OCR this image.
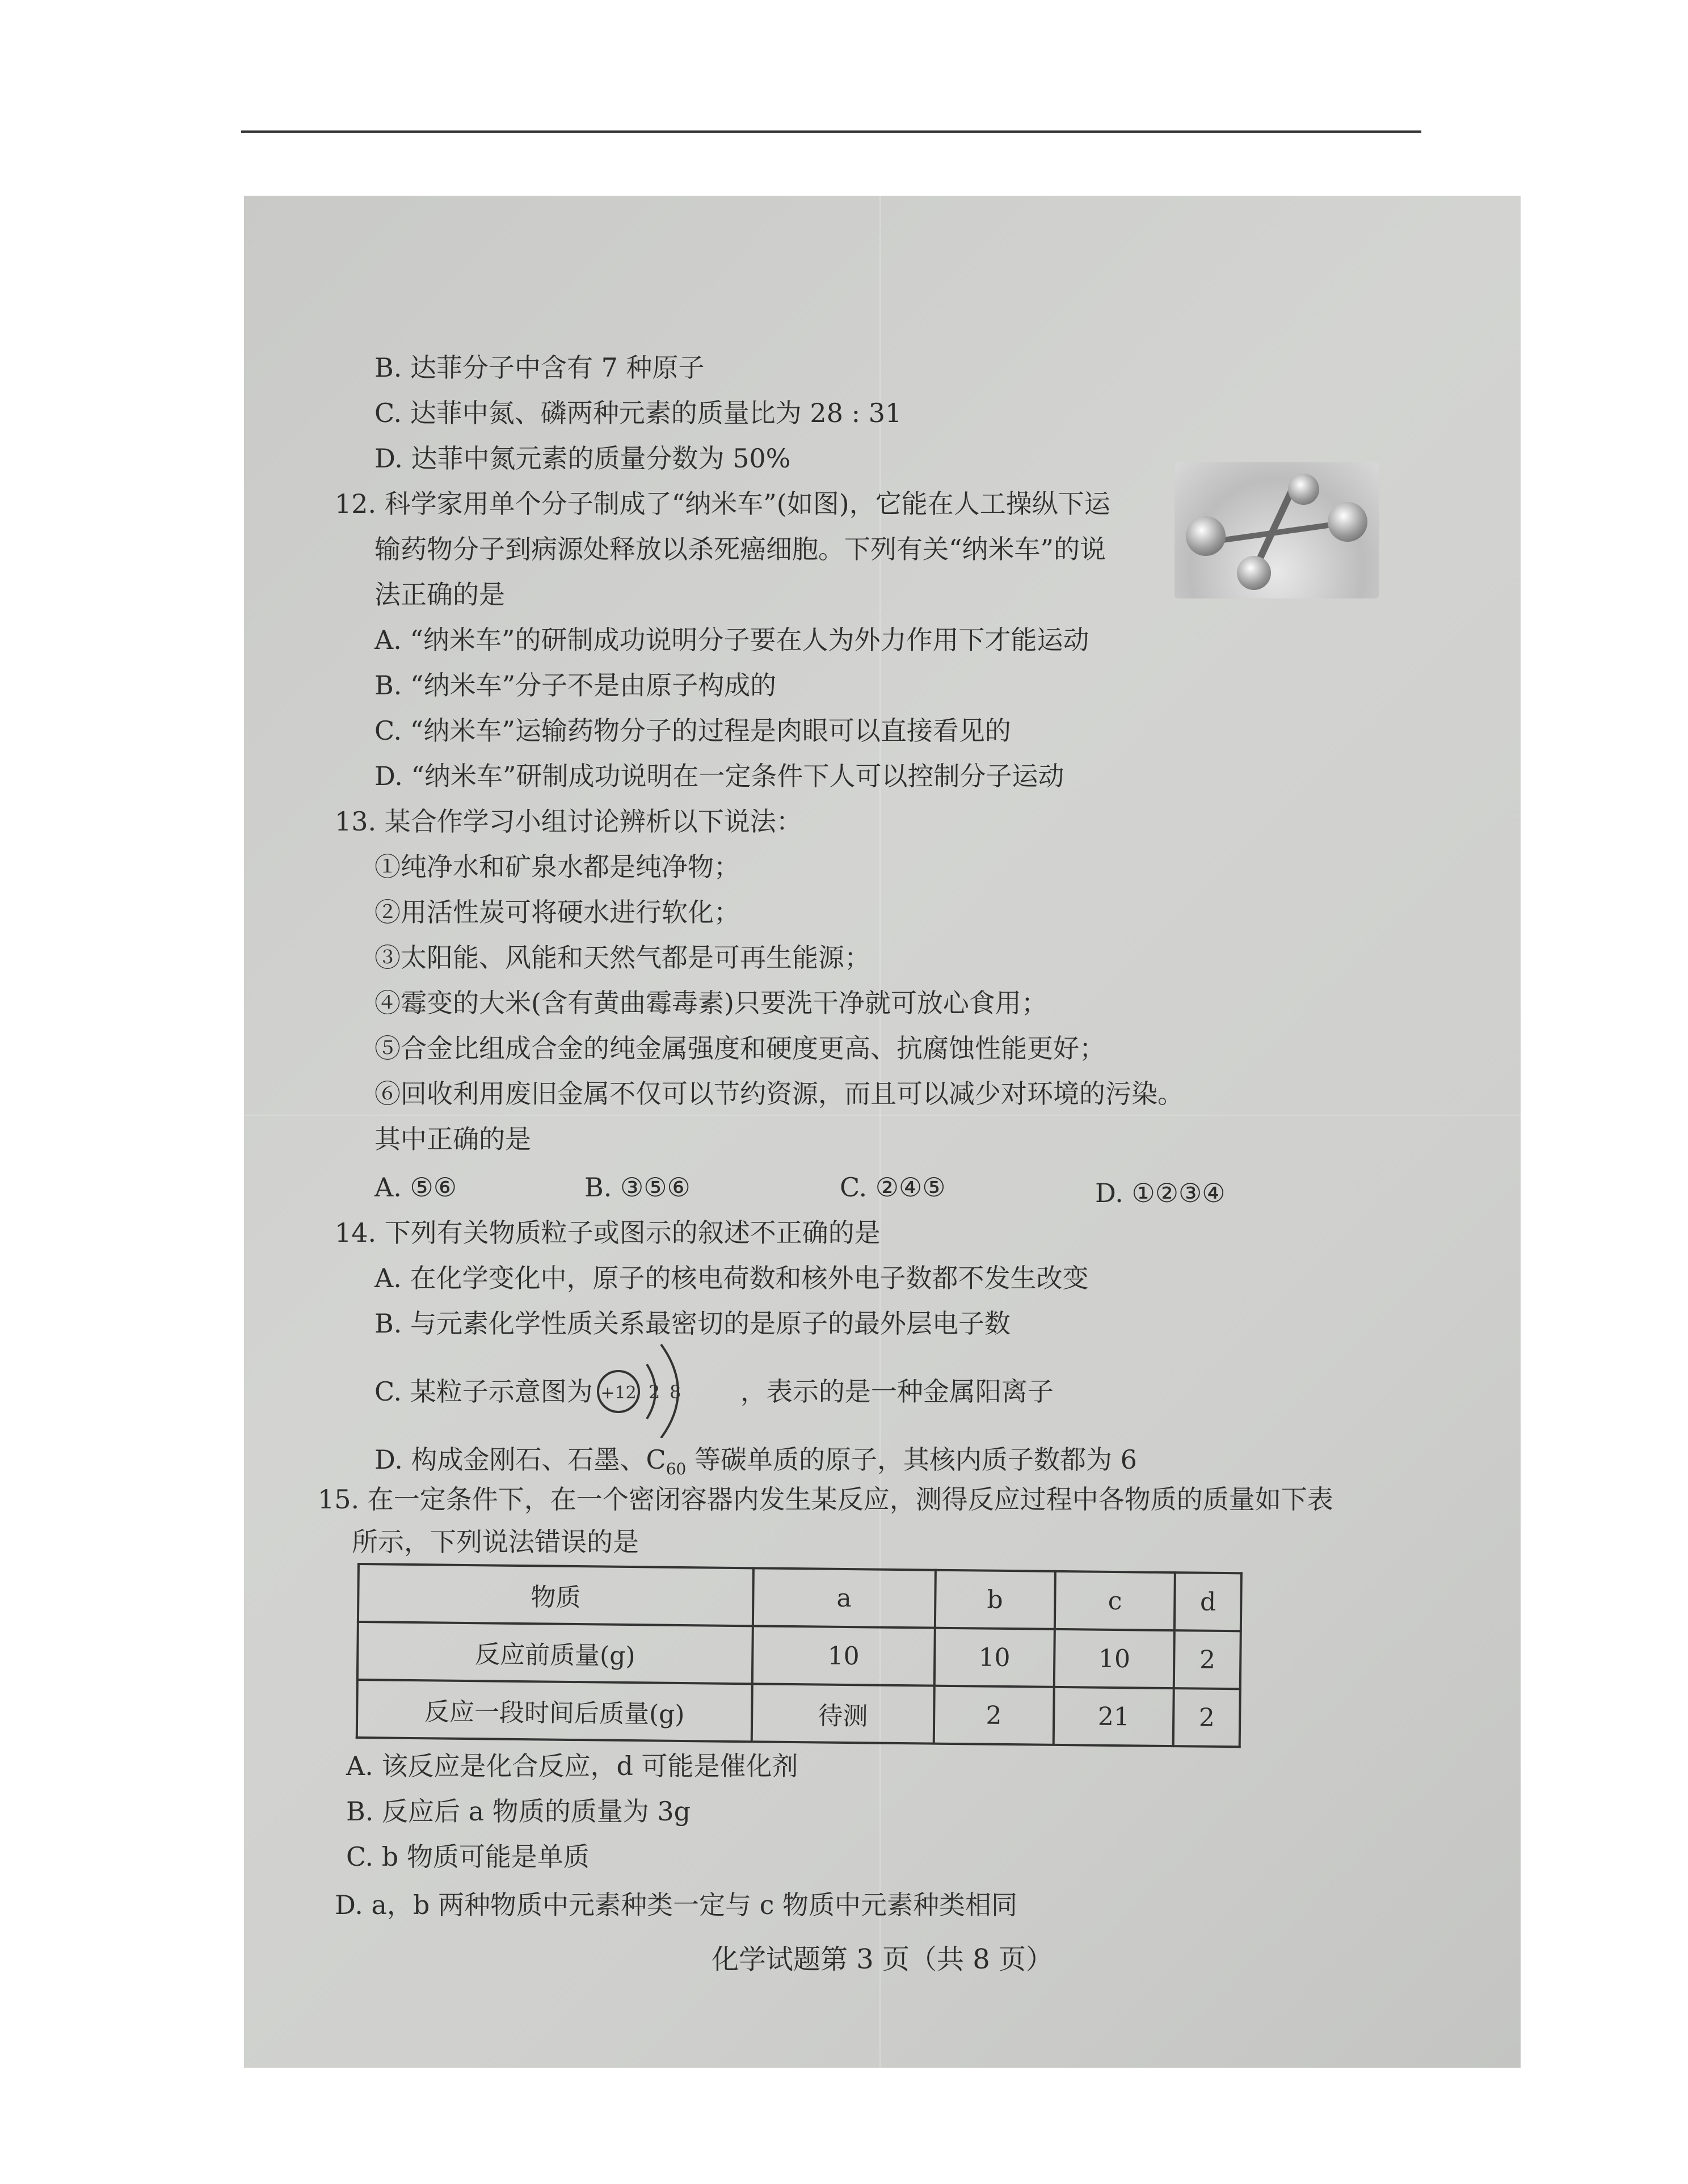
B. 达菲分子中含有 7 种原子
C. 达菲中氮、磷两种元素的质量比为 28 : 31
D. 达菲中氮元素的质量分数为 50%
12. 科学家用单个分子制成了“纳米车”(如图)，它能在人工操纵下运
输药物分子到病源处释放以杀死癌细胞。下列有关“纳米车”的说
法正确的是
A. “纳米车”的研制成功说明分子要在人为外力作用下才能运动
B. “纳米车”分子不是由原子构成的
C. “纳米车”运输药物分子的过程是肉眼可以直接看见的
D. “纳米车”研制成功说明在一定条件下人可以控制分子运动
13. 某合作学习小组讨论辨析以下说法：
①纯净水和矿泉水都是纯净物；
②用活性炭可将硬水进行软化；
③太阳能、风能和天然气都是可再生能源；
④霉变的大米(含有黄曲霉毒素)只要洗干净就可放心食用；
⑤合金比组成合金的纯金属强度和硬度更高、抗腐蚀性能更好；
⑥回收利用废旧金属不仅可以节约资源，而且可以减少对环境的污染。
其中正确的是
A. ⑤⑥	B. ③⑤⑥	C. ②④⑤	D. ①②③④
14. 下列有关物质粒子或图示的叙述不正确的是
A. 在化学变化中，原子的核电荷数和核外电子数都不发生改变
B. 与元素化学性质关系最密切的是原子的最外层电子数
C. 某粒子示意图为	，表示的是一种金属阳离子
+12 2 8
D. 构成金刚石、石墨、$C_{60}$ 等碳单质的原子，其核内质子数都为 6
15. 在一定条件下，在一个密闭容器内发生某反应，测得反应过程中各物质的质量如下表
所示，下列说法错误的是
物质	a	b	c	d
反应前质量(g)	10	10	10	2
反应一段时间后质量(g)	待测	2	21	2
A. 该反应是化合反应，d 可能是催化剂
B. 反应后 a 物质的质量为 3g
C. b 物质可能是单质
D. a，b 两种物质中元素种类一定与 c 物质中元素种类相同
化学试题第 3 页（共 8 页）
